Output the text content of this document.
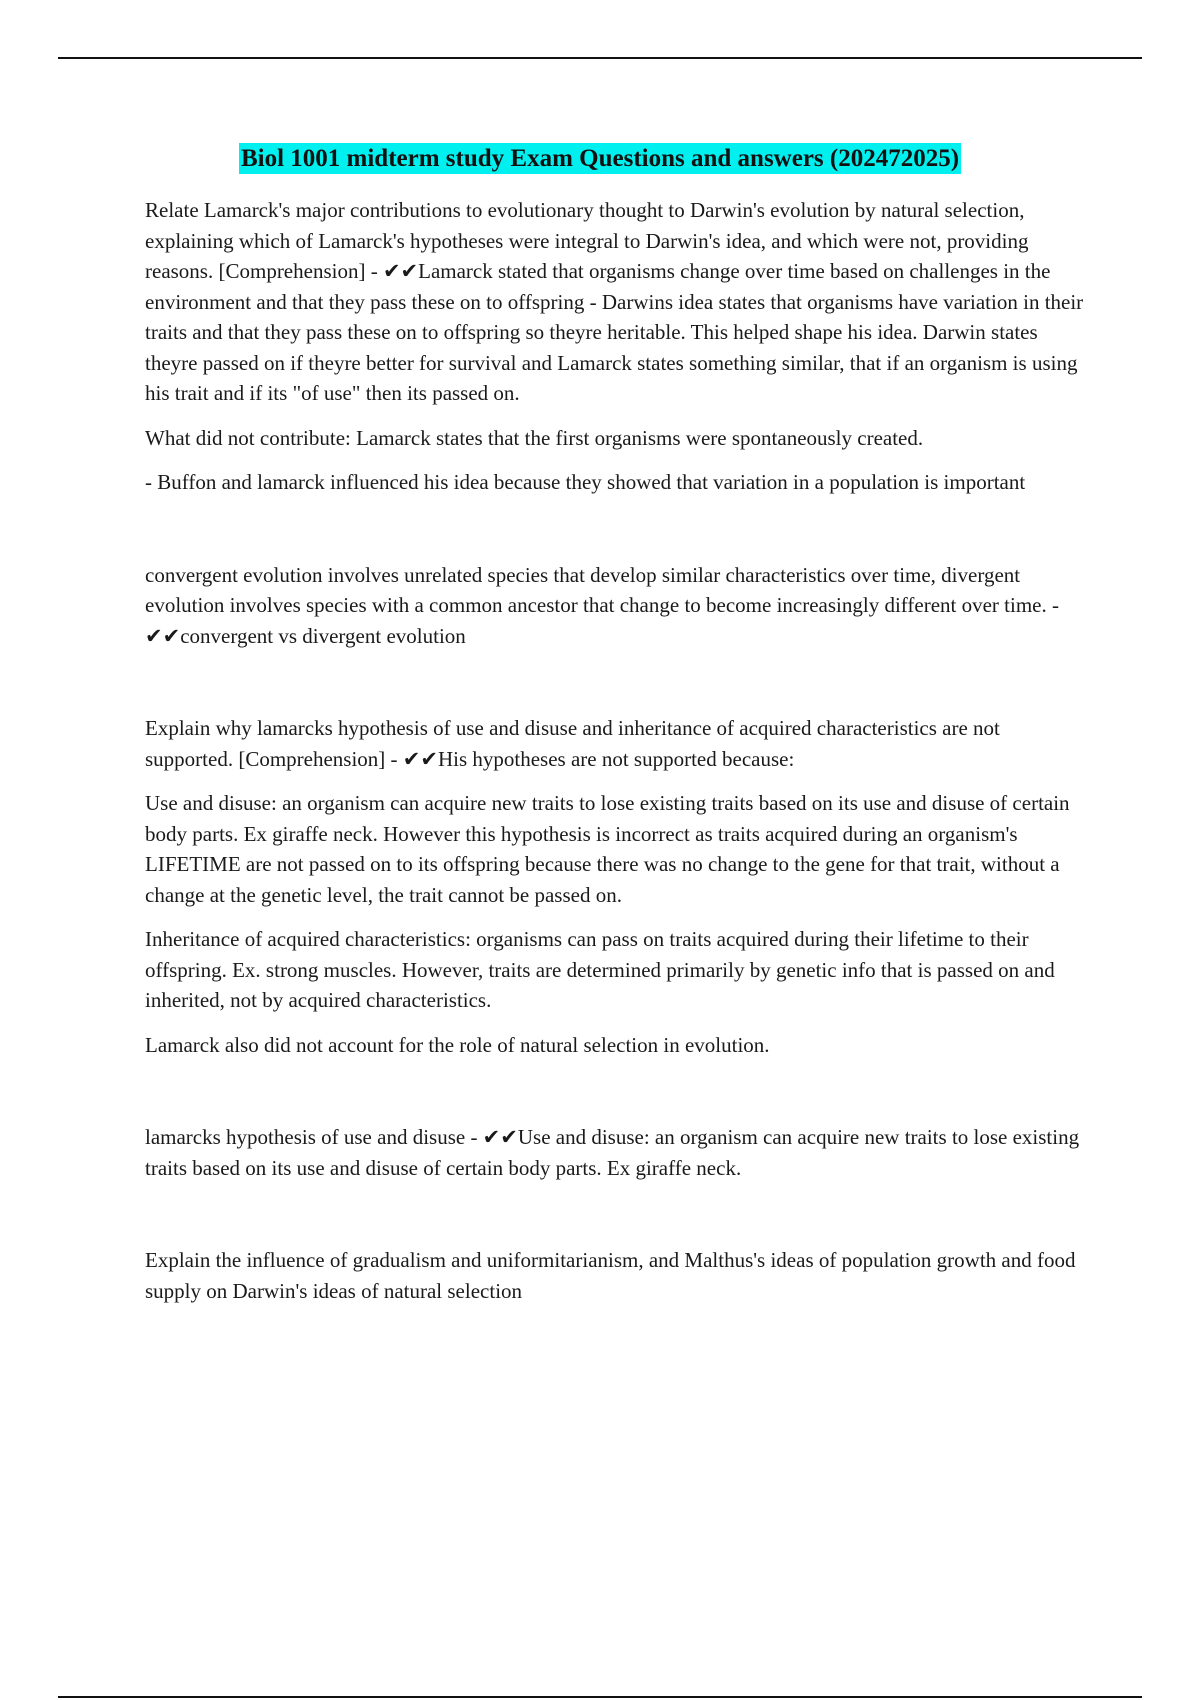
Biol 1001 midterm study Exam Questions and answers (202472025)

Relate Lamarck's major contributions to evolutionary thought to Darwin's evolution by natural selection, explaining which of Lamarck's hypotheses were integral to Darwin's idea, and which were not, providing reasons. [Comprehension] - ✔✔Lamarck stated that organisms change over time based on challenges in the environment and that they pass these on to offspring - Darwins idea states that organisms have variation in their traits and that they pass these on to offspring so theyre heritable. This helped shape his idea. Darwin states theyre passed on if theyre better for survival and Lamarck states something similar, that if an organism is using his trait and if its "of use" then its passed on.

What did not contribute: Lamarck states that the first organisms were spontaneously created.

- Buffon and lamarck influenced his idea because they showed that variation in a population is important

convergent evolution involves unrelated species that develop similar characteristics over time, divergent evolution involves species with a common ancestor that change to become increasingly different over time. - ✔✔convergent vs divergent evolution

Explain why lamarcks hypothesis of use and disuse and inheritance of acquired characteristics are not supported. [Comprehension] - ✔✔His hypotheses are not supported because:

Use and disuse: an organism can acquire new traits to lose existing traits based on its use and disuse of certain body parts. Ex giraffe neck. However this hypothesis is incorrect as traits acquired during an organism's LIFETIME are not passed on to its offspring because there was no change to the gene for that trait, without a change at the genetic level, the trait cannot be passed on.

Inheritance of acquired characteristics: organisms can pass on traits acquired during their lifetime to their offspring. Ex. strong muscles. However, traits are determined primarily by genetic info that is passed on and inherited, not by acquired characteristics.

Lamarck also did not account for the role of natural selection in evolution.

lamarcks hypothesis of use and disuse - ✔✔Use and disuse: an organism can acquire new traits to lose existing traits based on its use and disuse of certain body parts. Ex giraffe neck.

Explain the influence of gradualism and uniformitarianism, and Malthus's ideas of population growth and food supply on Darwin's ideas of natural selection
